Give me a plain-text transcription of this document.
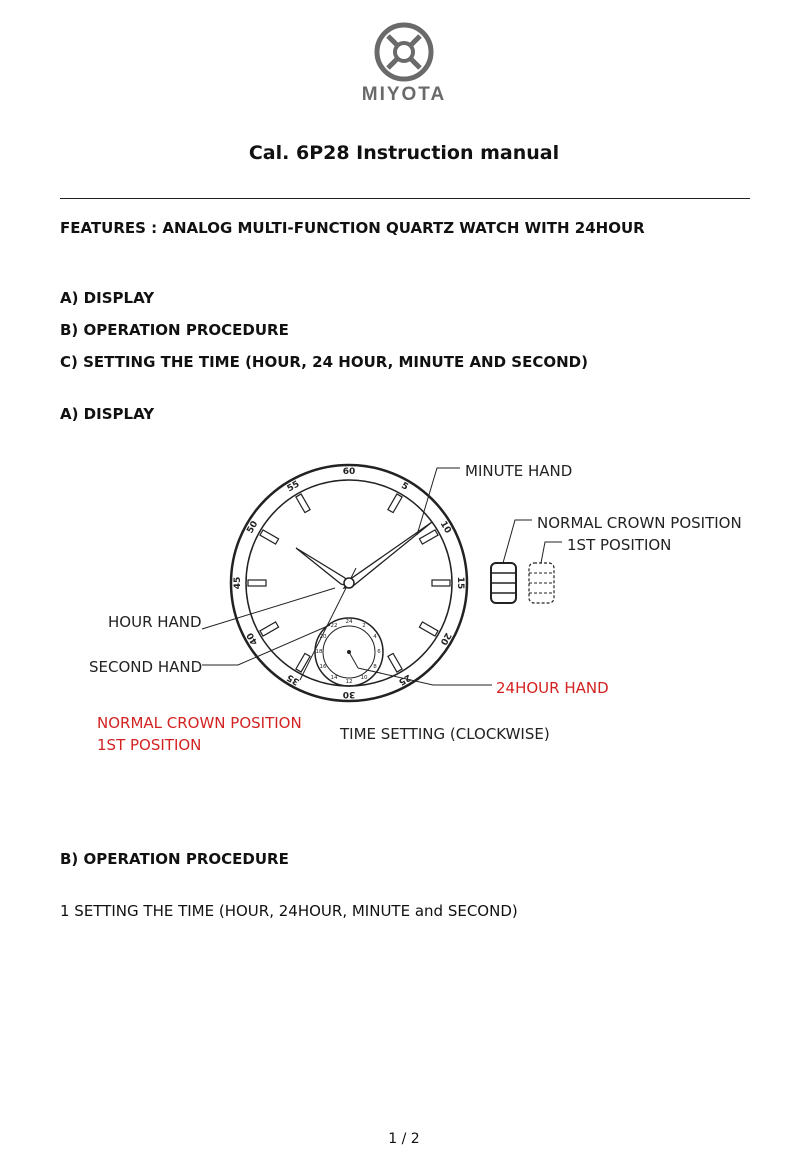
MIYOTA
Cal. 6P28 Instruction manual
FEATURES : ANALOG MULTI-FUNCTION QUARTZ WATCH WITH 24HOUR
A) DISPLAY
B) OPERATION PROCEDURE
C) SETTING THE TIME (HOUR, 24 HOUR, MINUTE AND SECOND)
A) DISPLAY
60
5
10
15
20
25
30
35
40
45
50
55
24
2
4
6
8
10
12
14
16
18
20
22
MINUTE HAND
NORMAL CROWN POSITION
1ST POSITION
HOUR HAND
SECOND HAND
24HOUR HAND
NORMAL CROWN POSITION
1ST POSITION
TIME SETTING (CLOCKWISE)
B) OPERATION PROCEDURE
1 SETTING THE TIME (HOUR, 24HOUR, MINUTE and SECOND)
1 / 2
